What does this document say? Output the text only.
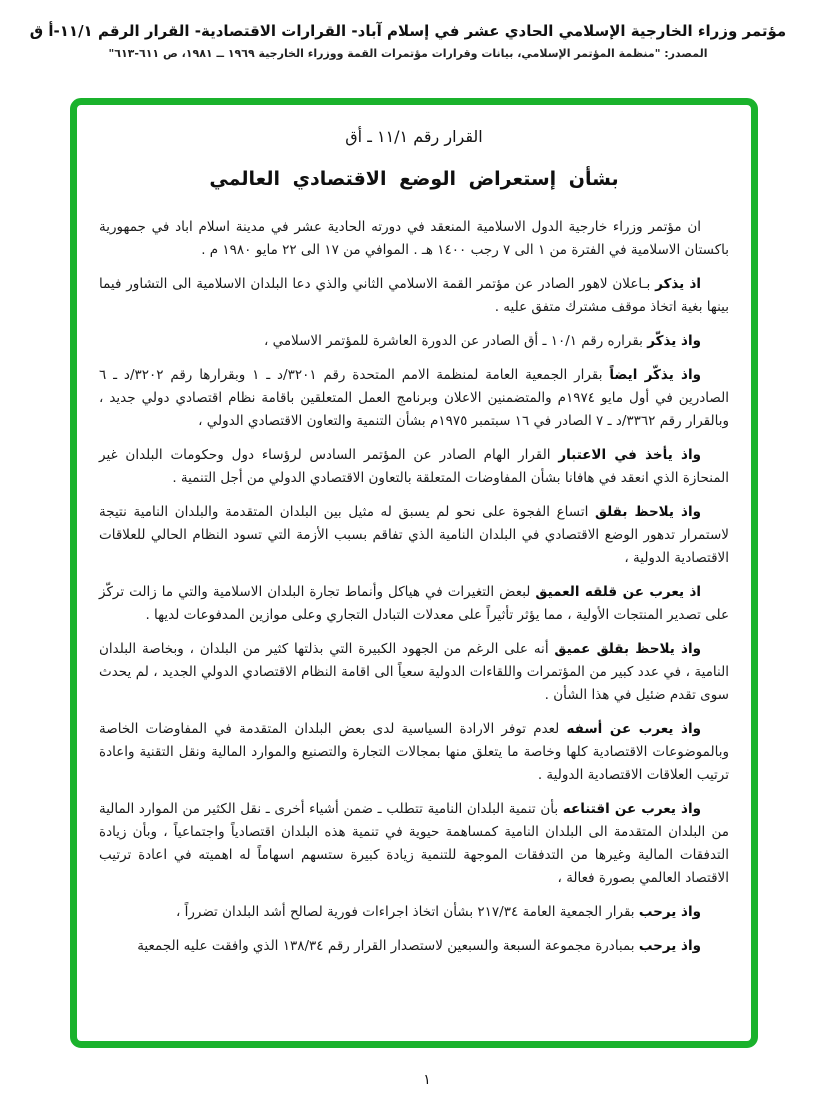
مؤتمر وزراء الخارجية الإسلامي الحادي عشر في إسلام آباد- القرارات الاقتصادية- القرار الرقم ١١/١-أ ق
المصدر: "منظمة المؤتمر الإسلامي، بيانات وقرارات مؤتمرات القمة ووزراء الخارجية ١٩٦٩ ــ ١٩٨١، ص ٦١١-٦١٣"
القرار رقم ١١/١ ـ أق
بشأن إستعراض الوضع الاقتصادي العالمي

ان مؤتمر وزراء خارجية الدول الاسلامية المنعقد في دورته الحادية عشر في مدينة اسلام اباد في جمهورية باكستان الاسلامية في الفترة من ١ الى ٧ رجب ١٤٠٠ هـ . الموافي من ١٧ الى ٢٢ مايو ١٩٨٠ م .

اذ يذكر بـاعلان لاهور الصادر عن مؤتمر القمة الاسلامي الثاني والذي دعا البلدان الاسلامية الى التشاور فيما بينها بغية اتخاذ موقف مشترك متفق عليه .

واذ يذكّر بقراره رقم ١٠/١ ـ أق الصادر عن الدورة العاشرة للمؤتمر الاسلامي ،

واذ يذكّر ايضاً بقرار الجمعية العامة لمنظمة الامم المتحدة رقم ٣٢٠١/د ـ ١ وبقرارها رقم ٣٢٠٢/د ـ ٦ الصادرين في أول مايو ١٩٧٤م والمتضمنين الاعلان وبرنامج العمل المتعلقين باقامة نظام اقتصادي دولي جديد ، وبالقرار رقم ٣٣٦٢/د ـ ٧ الصادر في ١٦ سبتمبر ١٩٧٥م بشأن التنمية والتعاون الاقتصادي الدولي ،

واذ يأخذ في الاعتبار القرار الهام الصادر عن المؤتمر السادس لرؤساء دول وحكومات البلدان غير المنحازة الذي انعقد في هافانا بشأن المفاوضات المتعلقة بالتعاون الاقتصادي الدولي من أجل التنمية .

واذ يلاحظ بقلق اتساع الفجوة على نحو لم يسبق له مثيل بين البلدان المتقدمة والبلدان النامية نتيجة لاستمرار تدهور الوضع الاقتصادي في البلدان النامية الذي تفاقم بسبب الأزمة التي تسود النظام الحالي للعلاقات الاقتصادية الدولية ،

اذ يعرب عن قلقه العميق لبعض التغيرات في هياكل وأنماط تجارة البلدان الاسلامية والتي ما زالت تركّز على تصدير المنتجات الأولية ، مما يؤثر تأثيراً على معدلات التبادل التجاري وعلى موازين المدفوعات لديها .

واذ يلاحظ بقلق عميق أنه على الرغم من الجهود الكبيرة التي بذلتها كثير من البلدان ، وبخاصة البلدان النامية ، في عدد كبير من المؤتمرات واللقاءات الدولية سعياً الى اقامة النظام الاقتصادي الدولي الجديد ، لم يحدث سوى تقدم ضئيل في هذا الشأن .

واذ يعرب عن أسفه لعدم توفر الارادة السياسية لدى بعض البلدان المتقدمة في المفاوضات الخاصة وبالموضوعات الاقتصادية كلها وخاصة ما يتعلق منها بمجالات التجارة والتصنيع والموارد المالية ونقل التقنية واعادة ترتيب العلاقات الاقتصادية الدولية .

واذ يعرب عن اقتناعه بأن تنمية البلدان النامية تتطلب ـ ضمن أشياء أخرى ـ نقل الكثير من الموارد المالية من البلدان المتقدمة الى البلدان النامية كمساهمة حيوية في تنمية هذه البلدان اقتصادياً واجتماعياً ، وبأن زيادة التدفقات المالية وغيرها من التدفقات الموجهة للتنمية زيادة كبيرة ستسهم اسهاماً له اهميته في اعادة ترتيب الاقتصاد العالمي بصورة فعالة ،

واذ يرحب بقرار الجمعية العامة ٢١٧/٣٤ بشأن اتخاذ اجراءات فورية لصالح أشد البلدان تضرراً ،

واذ يرحب بمبادرة مجموعة السبعة والسبعين لاستصدار القرار رقم ١٣٨/٣٤ الذي وافقت عليه الجمعية

١
